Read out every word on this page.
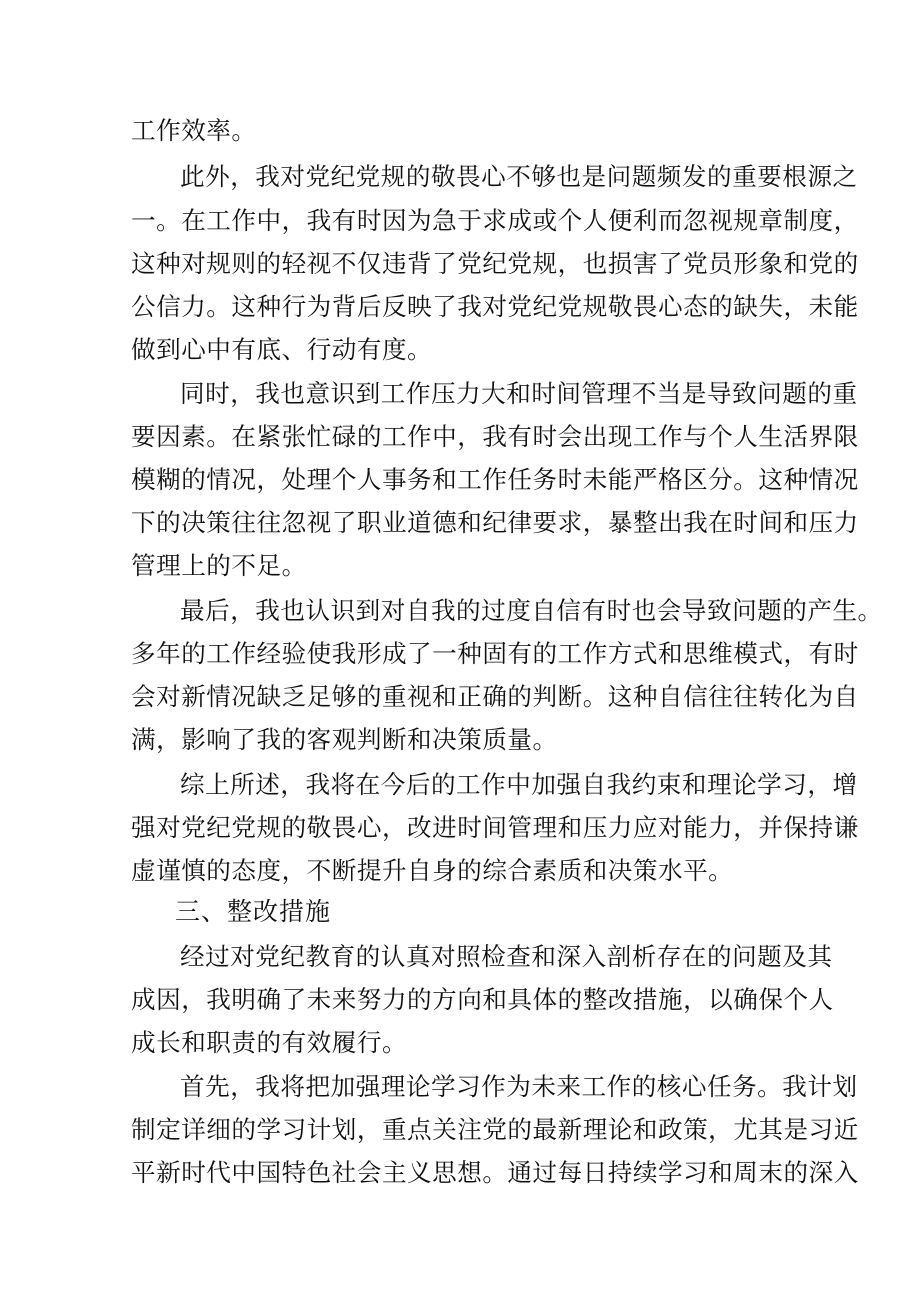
工作效率。
此外，我对党纪党规的敬畏心不够也是问题频发的重要根源之
一。在工作中，我有时因为急于求成或个人便利而忽视规章制度，
这种对规则的轻视不仅违背了党纪党规，也损害了党员形象和党的
公信力。这种行为背后反映了我对党纪党规敬畏心态的缺失，未能
做到心中有底、行动有度。
同时，我也意识到工作压力大和时间管理不当是导致问题的重
要因素。在紧张忙碌的工作中，我有时会出现工作与个人生活界限
模糊的情况，处理个人事务和工作任务时未能严格区分。这种情况
下的决策往往忽视了职业道德和纪律要求，暴整出我在时间和压力
管理上的不足。
最后，我也认识到对自我的过度自信有时也会导致问题的产生。
多年的工作经验使我形成了一种固有的工作方式和思维模式，有时
会对新情况缺乏足够的重视和正确的判断。这种自信往往转化为自
满，影响了我的客观判断和决策质量。
综上所述，我将在今后的工作中加强自我约束和理论学习，增
强对党纪党规的敬畏心，改进时间管理和压力应对能力，并保持谦
虚谨慎的态度，不断提升自身的综合素质和决策水平。
三、整改措施
经过对党纪教育的认真对照检查和深入剖析存在的问题及其
成因，我明确了未来努力的方向和具体的整改措施，以确保个人
成长和职责的有效履行。
首先，我将把加强理论学习作为未来工作的核心任务。我计划
制定详细的学习计划，重点关注党的最新理论和政策，尤其是习近
平新时代中国特色社会主义思想。通过每日持续学习和周末的深入
